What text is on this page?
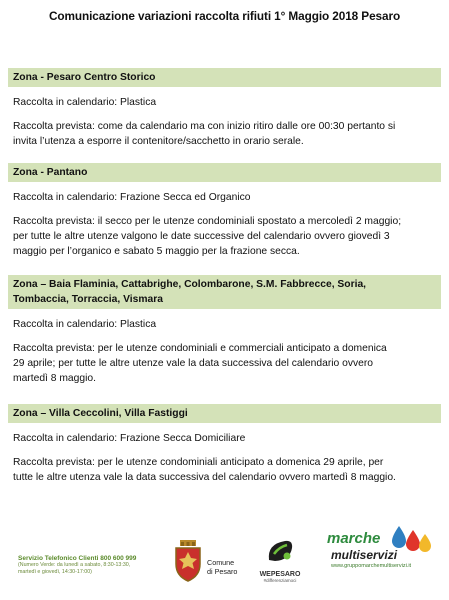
Comunicazione variazioni raccolta rifiuti 1° Maggio 2018 Pesaro
Zona - Pesaro Centro Storico
Raccolta in calendario: Plastica
Raccolta prevista: come da calendario ma con inizio ritiro dalle ore 00:30 pertanto si
invita l’utenza a esporre il contenitore/sacchetto in orario serale.
Zona - Pantano
Raccolta in calendario: Frazione Secca ed Organico
Raccolta prevista: il secco per le utenze condominiali spostato a mercoledì 2 maggio;
per tutte le altre utenze valgono le date successive del calendario ovvero giovedì 3
maggio per l’organico e sabato 5 maggio per la frazione secca.
Zona – Baia Flaminia, Cattabrighe, Colombarone, S.M. Fabbrecce, Soria,
Tombaccia, Torraccia, Vismara
Raccolta in calendario: Plastica
Raccolta prevista: per le utenze condominiali e commerciali anticipato a domenica
29 aprile; per tutte le altre utenze vale la data successiva del calendario ovvero
martedì 8 maggio.
Zona – Villa Ceccolini, Villa Fastiggi
Raccolta in calendario: Frazione Secca Domiciliare
Raccolta prevista: per le utenze condominiali anticipato a domenica 29 aprile, per
tutte le altre utenza vale la data successiva del calendario ovvero martedì 8 maggio.
Servizio Telefonico Clienti 800 600 999
(Numero Verde: da lunedì a sabato, 8:30-13:30,
martedì e giovedì, 14:30-17:00)
Comune
di Pesaro	WEPESARO
#differenziamoci
marche
multiservizi
www.gruppomarchemultiservizi.it
